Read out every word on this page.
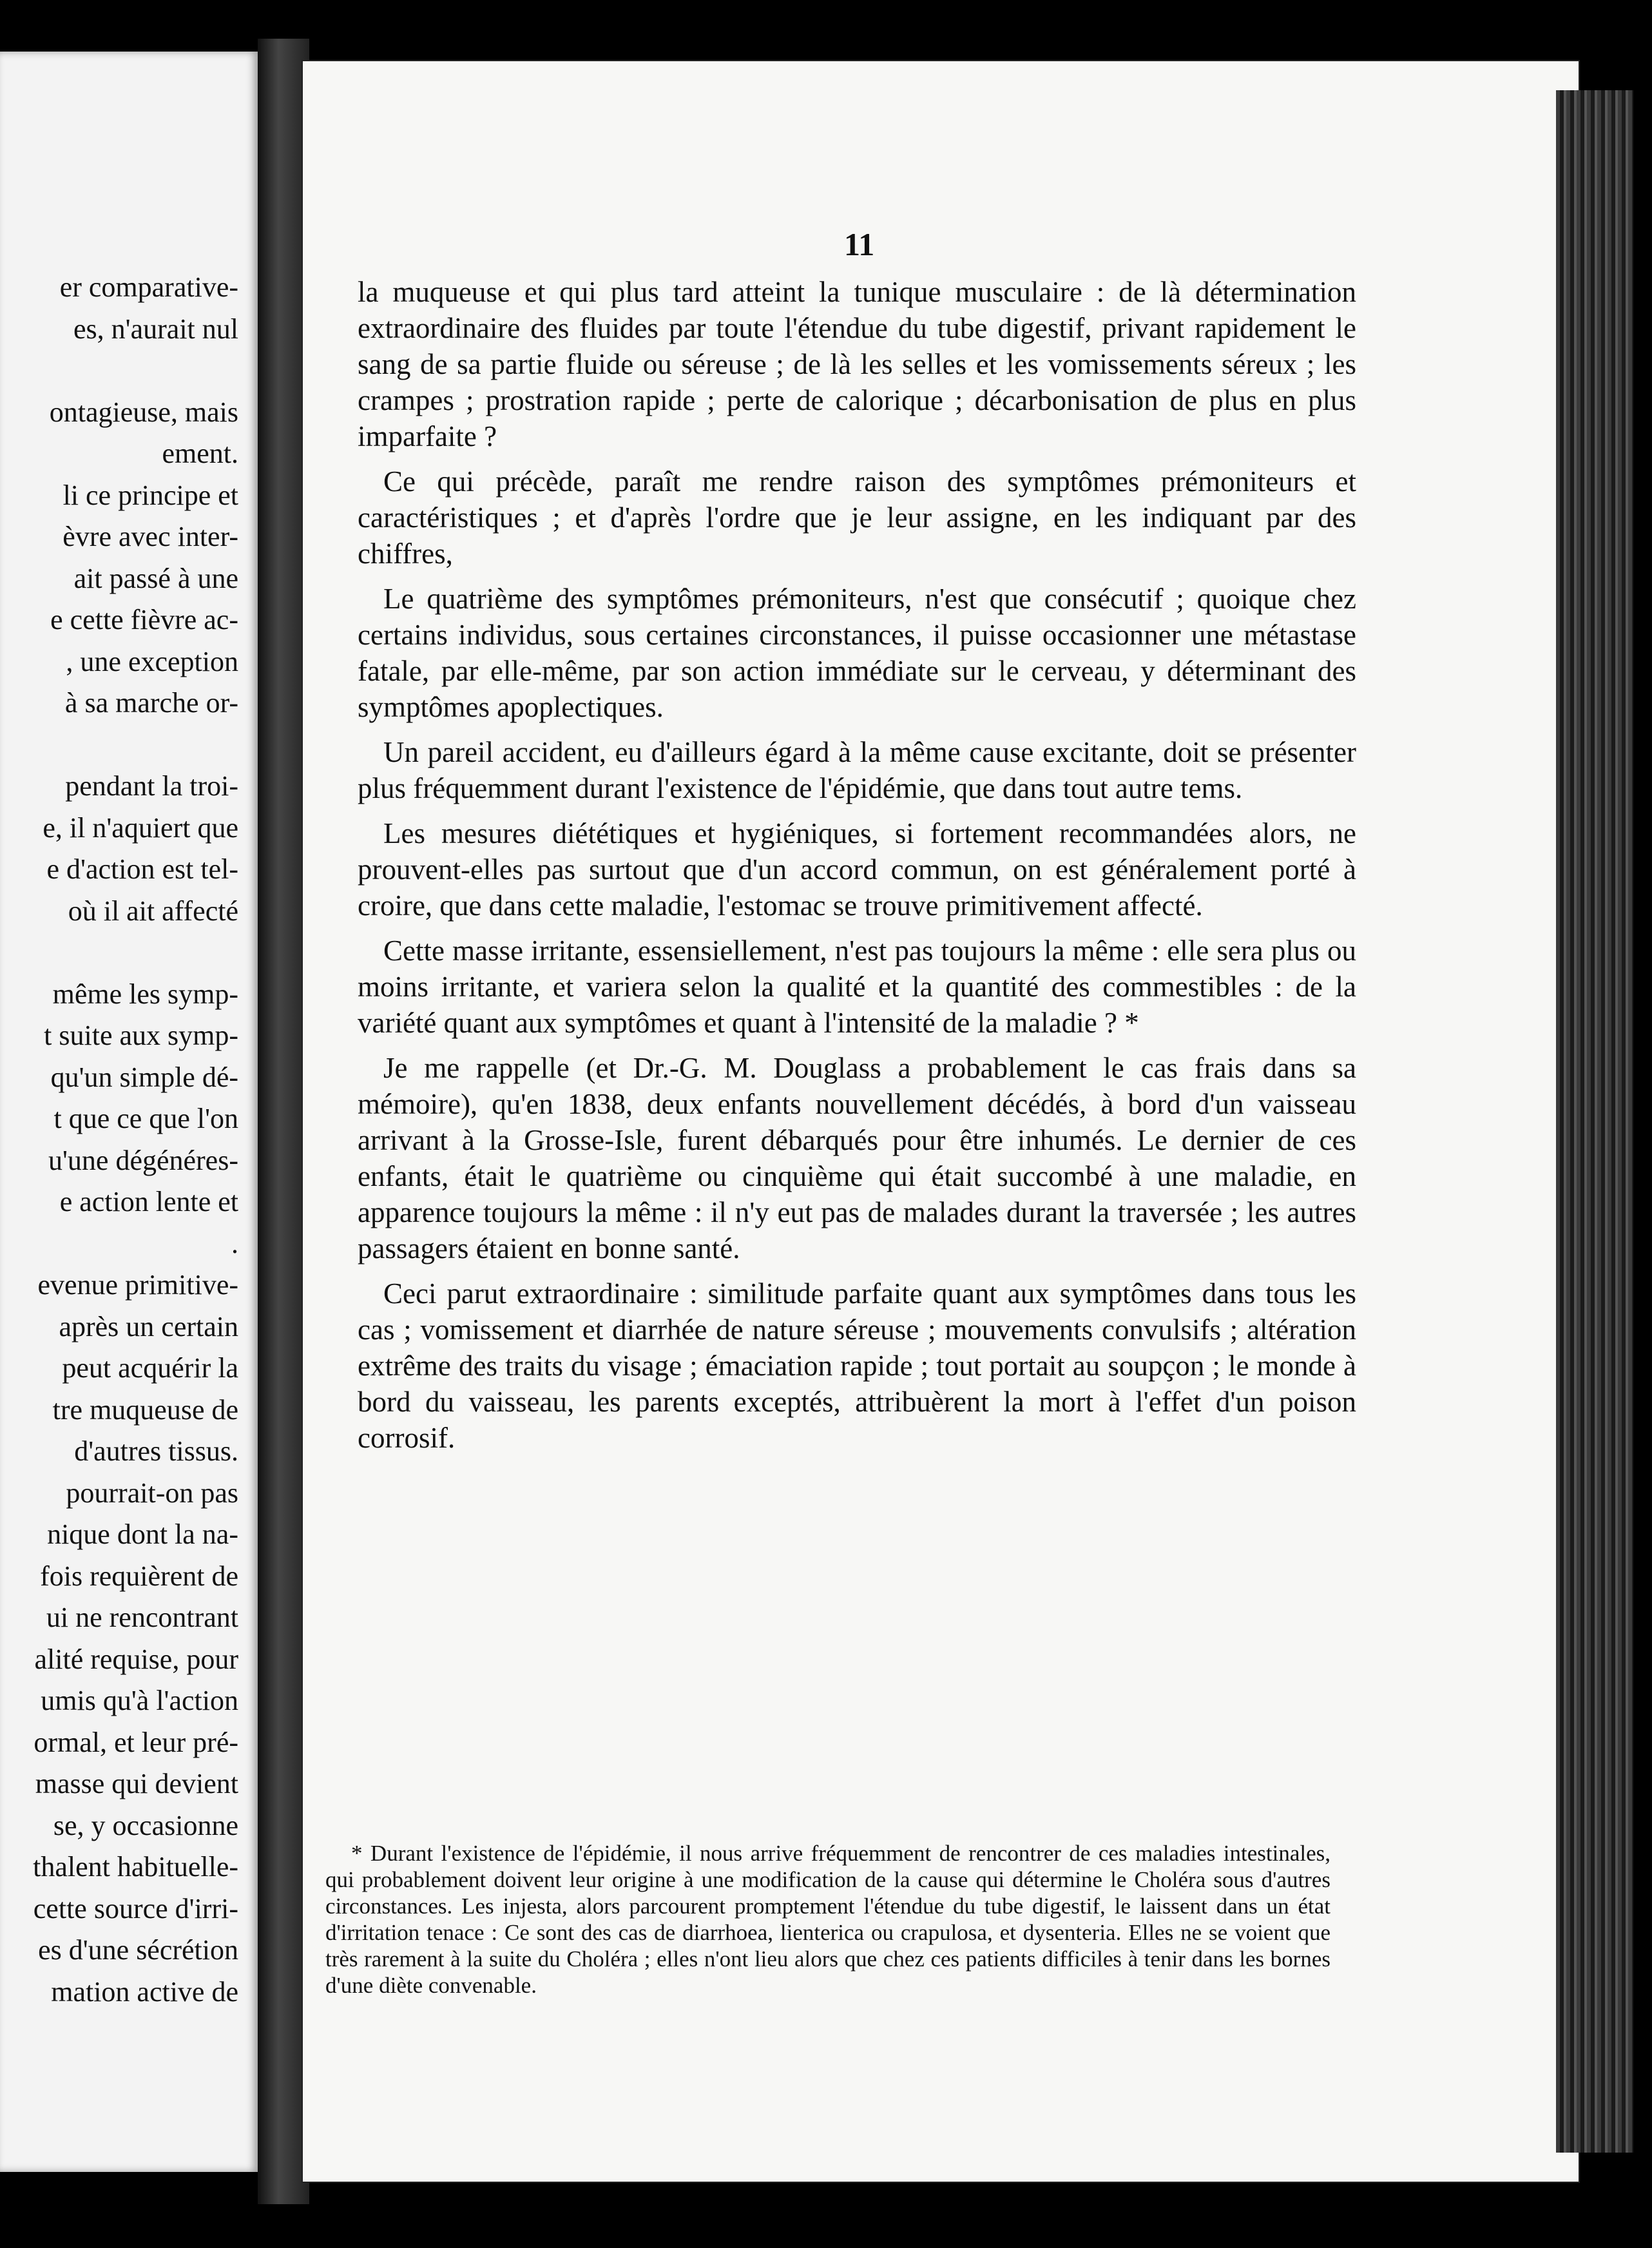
er comparative-
es, n'aurait nul
ontagieuse, mais
ement.
li ce principe et
èvre avec inter-
ait passé à une
e cette fièvre ac-
, une exception
à sa marche or-
pendant la troi-
e, il n'aquiert que
e d'action est tel-
où il ait affecté
même les symp-
t suite aux symp-
qu'un simple dé-
t que ce que l'on
u'une dégénéres-
e action lente et
.
evenue primitive-
après un certain
peut acquérir la
tre muqueuse de
d'autres tissus.
pourrait-on pas
nique dont la na-
fois requièrent de
ui ne rencontrant
alité requise, pour
umis qu'à l'action
ormal, et leur pré-
masse qui devient
se, y occasionne
thalent habituelle-
cette source d'irri-
es d'une sécrétion
mation active de
11

la muqueuse et qui plus tard atteint la tunique musculaire : de là détermination extraordinaire des fluides par toute l'étendue du tube digestif, privant rapidement le sang de sa partie fluide ou séreuse ; de là les selles et les vomissements séreux ; les crampes ; prostration rapide ; perte de calorique ; décarbonisation de plus en plus imparfaite ?

Ce qui précède, paraît me rendre raison des symptômes prémoniteurs et caractéristiques ; et d'après l'ordre que je leur assigne, en les indiquant par des chiffres,

Le quatrième des symptômes prémoniteurs, n'est que consécutif ; quoique chez certains individus, sous certaines circonstances, il puisse occasionner une métastase fatale, par elle-même, par son action immédiate sur le cerveau, y déterminant des symptômes apoplectiques.

Un pareil accident, eu d'ailleurs égard à la même cause excitante, doit se présenter plus fréquemment durant l'existence de l'épidémie, que dans tout autre tems.

Les mesures diététiques et hygiéniques, si fortement recommandées alors, ne prouvent-elles pas surtout que d'un accord commun, on est généralement porté à croire, que dans cette maladie, l'estomac se trouve primitivement affecté.

Cette masse irritante, essensiellement, n'est pas toujours la même : elle sera plus ou moins irritante, et variera selon la qualité et la quantité des commestibles : de la variété quant aux symptômes et quant à l'intensité de la maladie ? *

Je me rappelle (et Dr.-G. M. Douglass a probablement le cas frais dans sa mémoire), qu'en 1838, deux enfants nouvellement décédés, à bord d'un vaisseau arrivant à la Grosse-Isle, furent débarqués pour être inhumés. Le dernier de ces enfants, était le quatrième ou cinquième qui était succombé à une maladie, en apparence toujours la même : il n'y eut pas de malades durant la traversée ; les autres passagers étaient en bonne santé.

Ceci parut extraordinaire : similitude parfaite quant aux symptômes dans tous les cas ; vomissement et diarrhée de nature séreuse ; mouvements convulsifs ; altération extrême des traits du visage ; émaciation rapide ; tout portait au soupçon ; le monde à bord du vaisseau, les parents exceptés, attribuèrent la mort à l'effet d'un poison corrosif.

* Durant l'existence de l'épidémie, il nous arrive fréquemment de rencontrer de ces maladies intestinales, qui probablement doivent leur origine à une modification de la cause qui détermine le Choléra sous d'autres circonstances. Les injesta, alors parcourent promptement l'étendue du tube digestif, le laissent dans un état d'irritation tenace : Ce sont des cas de diarrhoea, lienterica ou crapulosa, et dysenteria. Elles ne se voient que très rarement à la suite du Choléra ; elles n'ont lieu alors que chez ces patients difficiles à tenir dans les bornes d'une diète convenable.
